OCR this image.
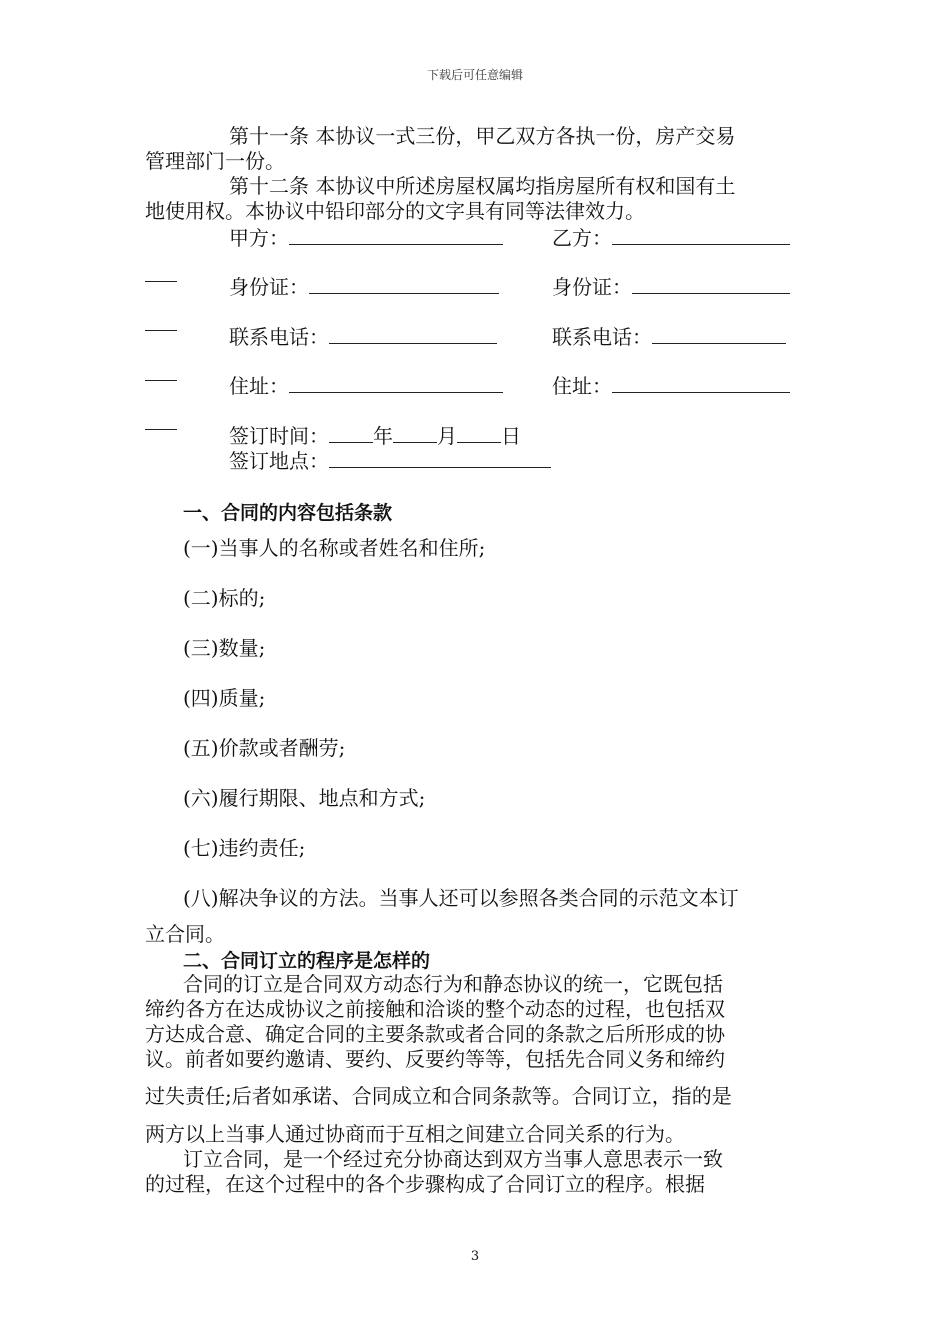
下载后可任意编辑
第十一条 本协议一式三份，甲乙双方各执一份，房产交易
管理部门一份。
第十二条 本协议中所述房屋权属均指房屋所有权和国有土
地使用权。本协议中铅印部分的文字具有同等法律效力。
甲方：	乙方：
身份证：	身份证：
联系电话：	联系电话：
住址：	住址：
签订时间： 年 月 日
签订地点：
一、合同的内容包括条款
(一)当事人的名称或者姓名和住所;
(二)标的;
(三)数量;
(四)质量;
(五)价款或者酬劳;
(六)履行期限、地点和方式;
(七)违约责任;
(八)解决争议的方法。当事人还可以参照各类合同的示范文本订
立合同。
二、合同订立的程序是怎样的
合同的订立是合同双方动态行为和静态协议的统一，它既包括
缔约各方在达成协议之前接触和洽谈的整个动态的过程，也包括双
方达成合意、确定合同的主要条款或者合同的条款之后所形成的协
议。前者如要约邀请、要约、反要约等等，包括先合同义务和缔约
过失责任;后者如承诺、合同成立和合同条款等。合同订立，指的是
两方以上当事人通过协商而于互相之间建立合同关系的行为。
订立合同，是一个经过充分协商达到双方当事人意思表示一致
的过程，在这个过程中的各个步骤构成了合同订立的程序。根据
3
